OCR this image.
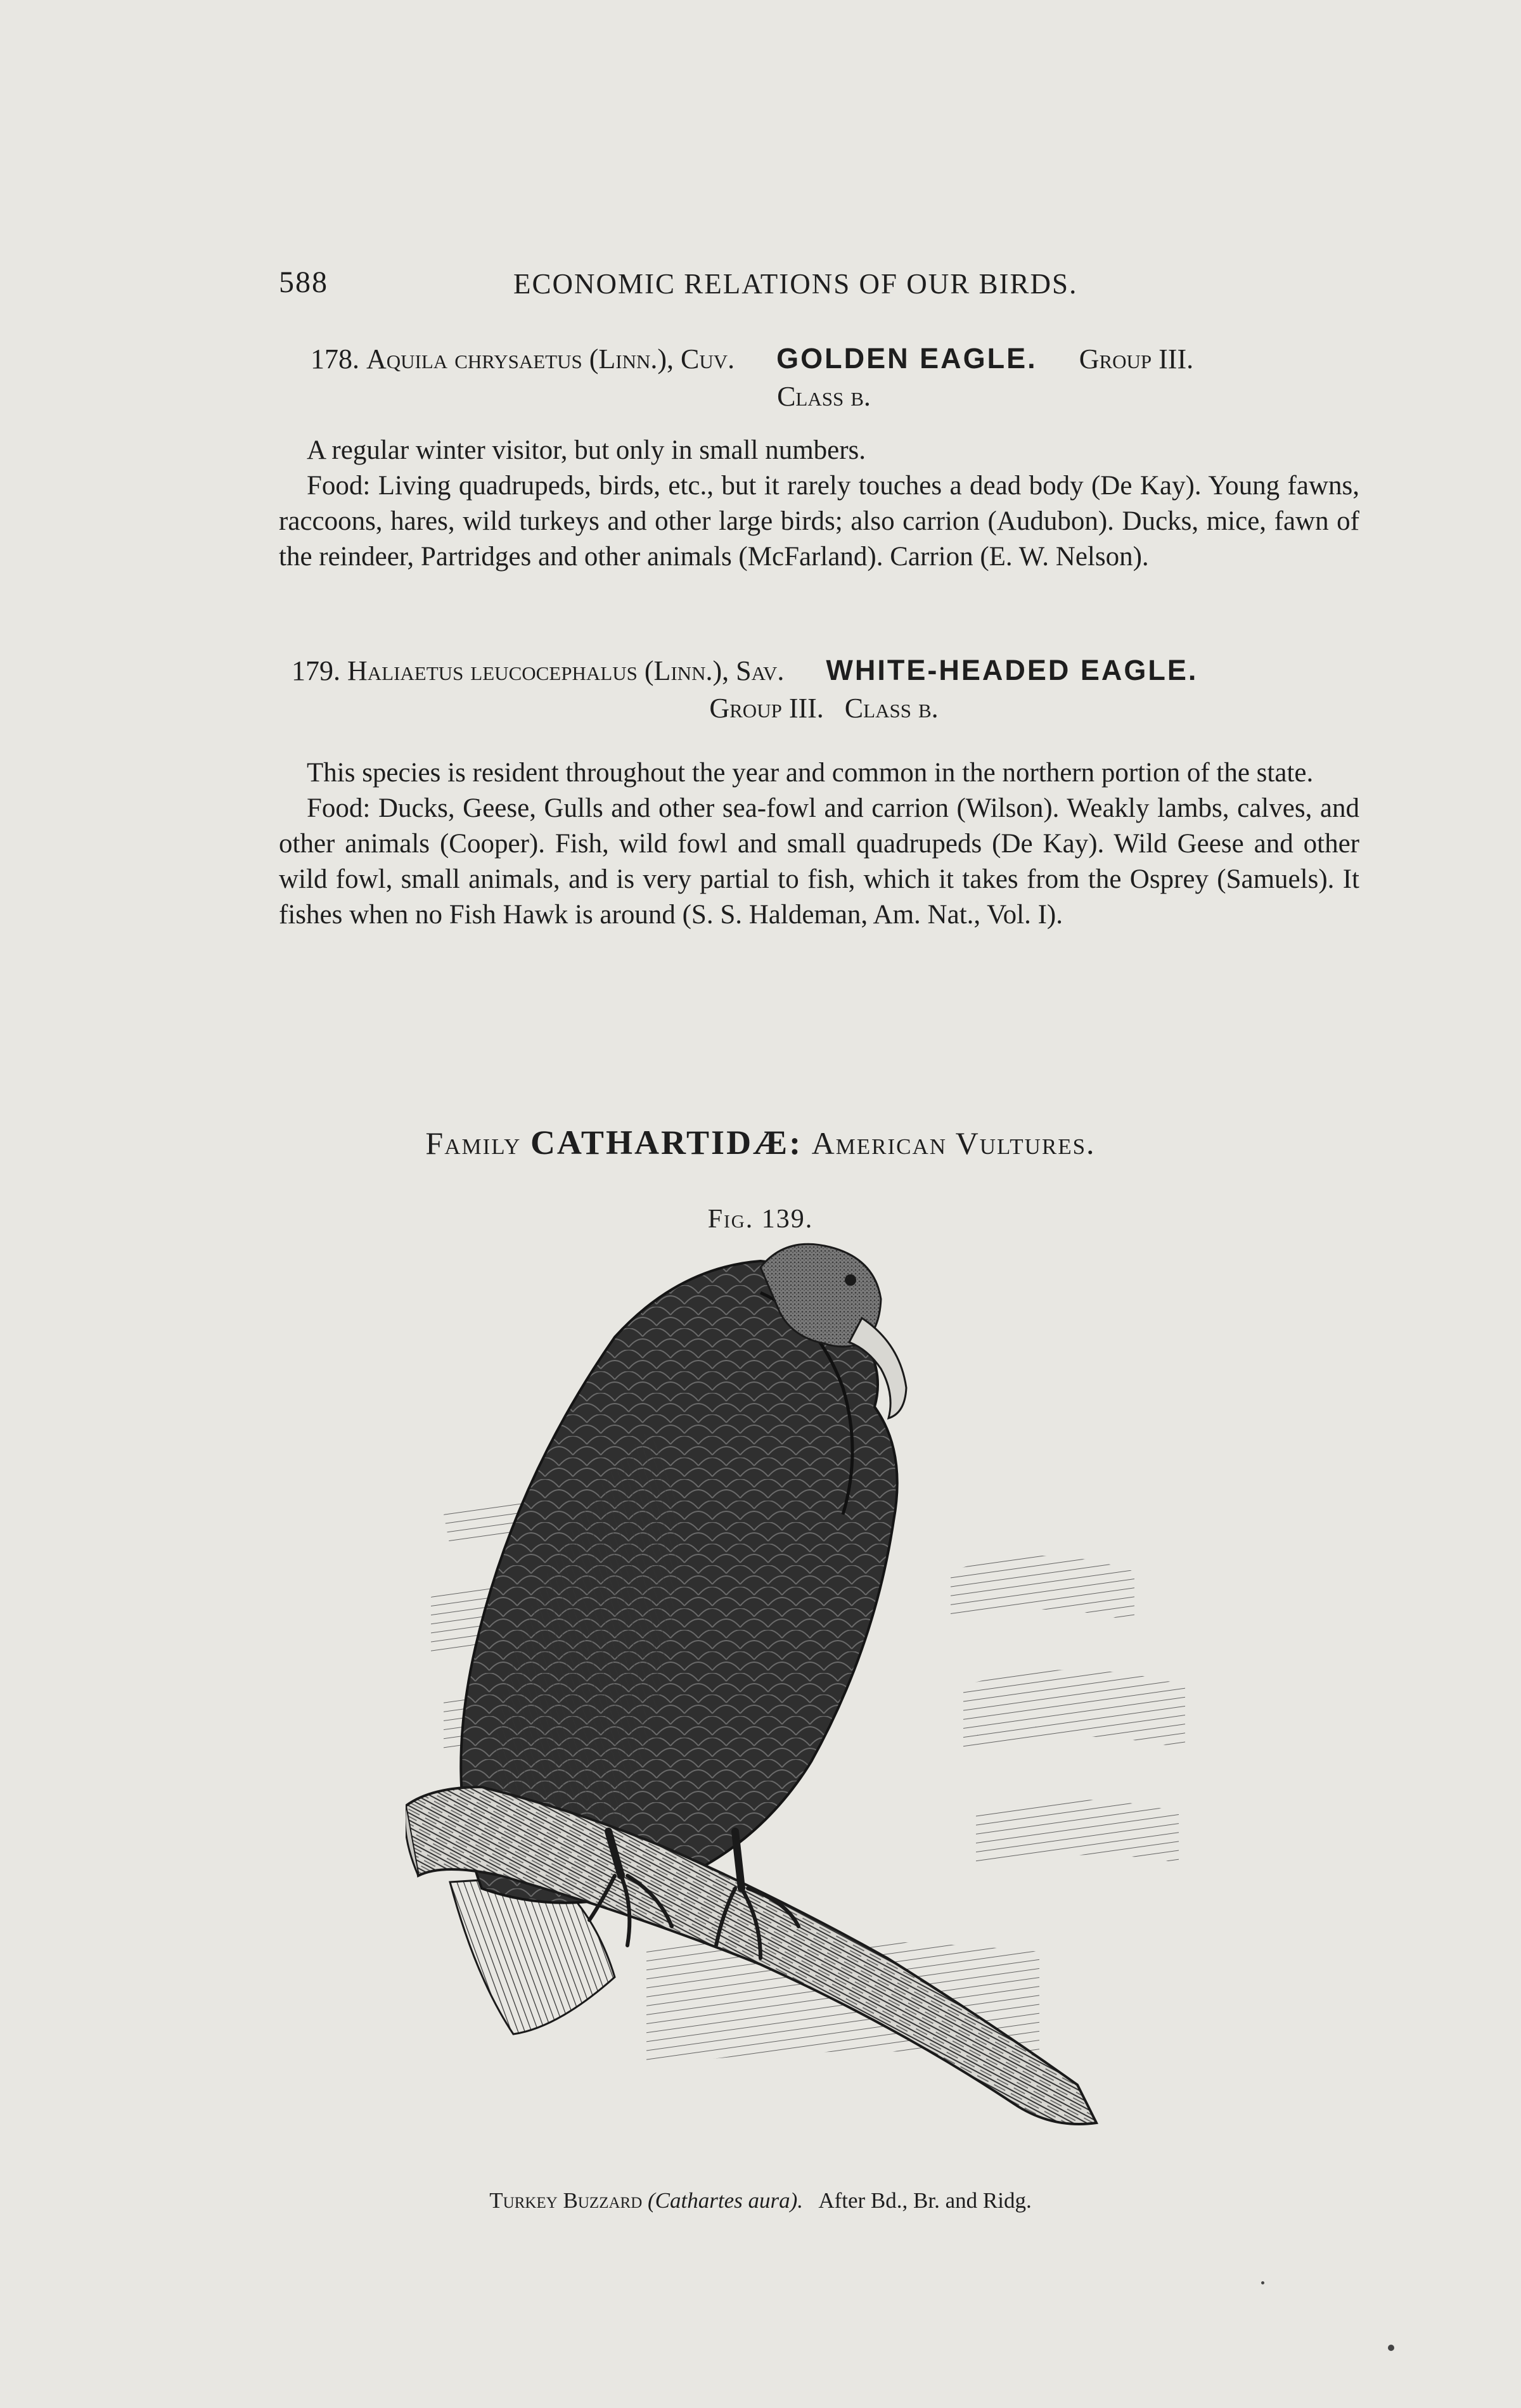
588	ECONOMIC RELATIONS OF OUR BIRDS.
178. Aquila chrysaetus (Linn.), Cuv. GOLDEN EAGLE. Group III.
Class b.

A regular winter visitor, but only in small numbers.

Food: Living quadrupeds, birds, etc., but it rarely touches a dead body (De Kay). Young fawns, raccoons, hares, wild turkeys and other large birds; also carrion (Audubon). Ducks, mice, fawn of the reindeer, Partridges and other animals (McFarland). Carrion (E. W. Nelson).

179. Haliaetus leucocephalus (Linn.), Sav. WHITE-HEADED EAGLE.
Group III. Class b.

This species is resident throughout the year and common in the northern portion of the state.

Food: Ducks, Geese, Gulls and other sea-fowl and carrion (Wilson). Weakly lambs, calves, and other animals (Cooper). Fish, wild fowl and small quadrupeds (De Kay). Wild Geese and other wild fowl, small animals, and is very partial to fish, which it takes from the Osprey (Samuels). It fishes when no Fish Hawk is around (S. S. Haldeman, Am. Nat., Vol. I).

Family CATHARTIDÆ: American Vultures.
Fig. 139.
Turkey Buzzard (Cathartes aura). After Bd., Br. and Ridg.
